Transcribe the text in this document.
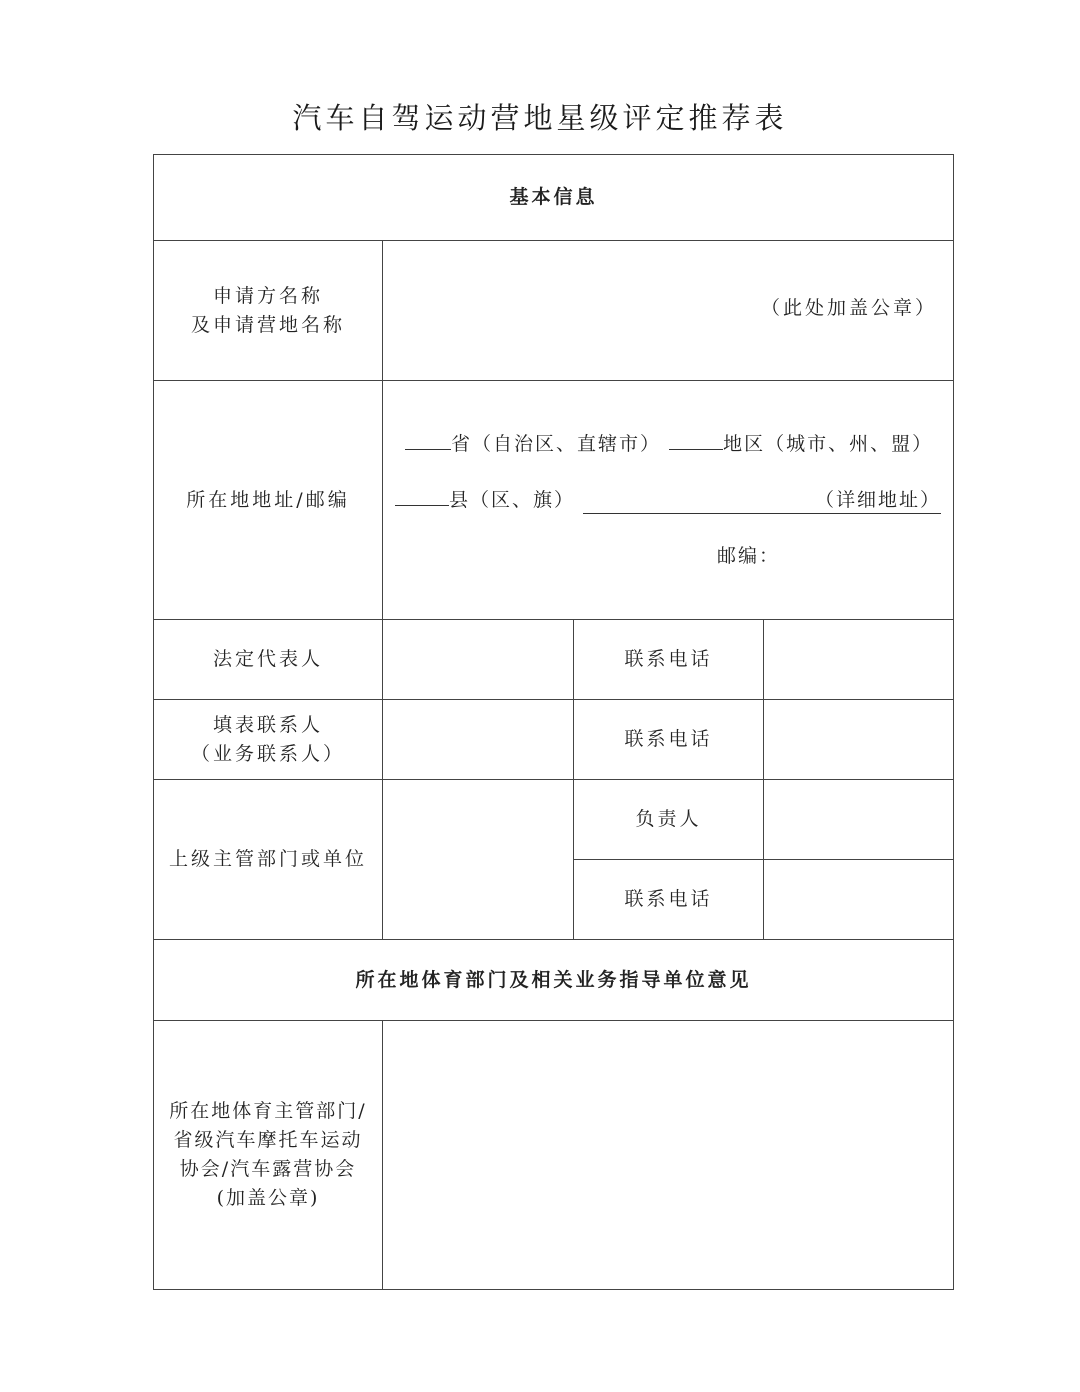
汽车自驾运动营地星级评定推荐表
基本信息			

申请方名称
及申请营地名称	（此处加盖公章）		
所在地地址/邮编	省（自治区、直辖市） 地区（城市、州、盟）
县（区、旗） （详细地址）
邮编：		

法定代表人		联系电话	

填表联系人
（业务联系人）		联系电话	
上级主管部门或单位		负责人	
		联系电话	
所在地体育部门及相关业务指导单位意见			

所在地体育主管部门/
省级汽车摩托车运动
协会/汽车露营协会
(加盖公章)			
